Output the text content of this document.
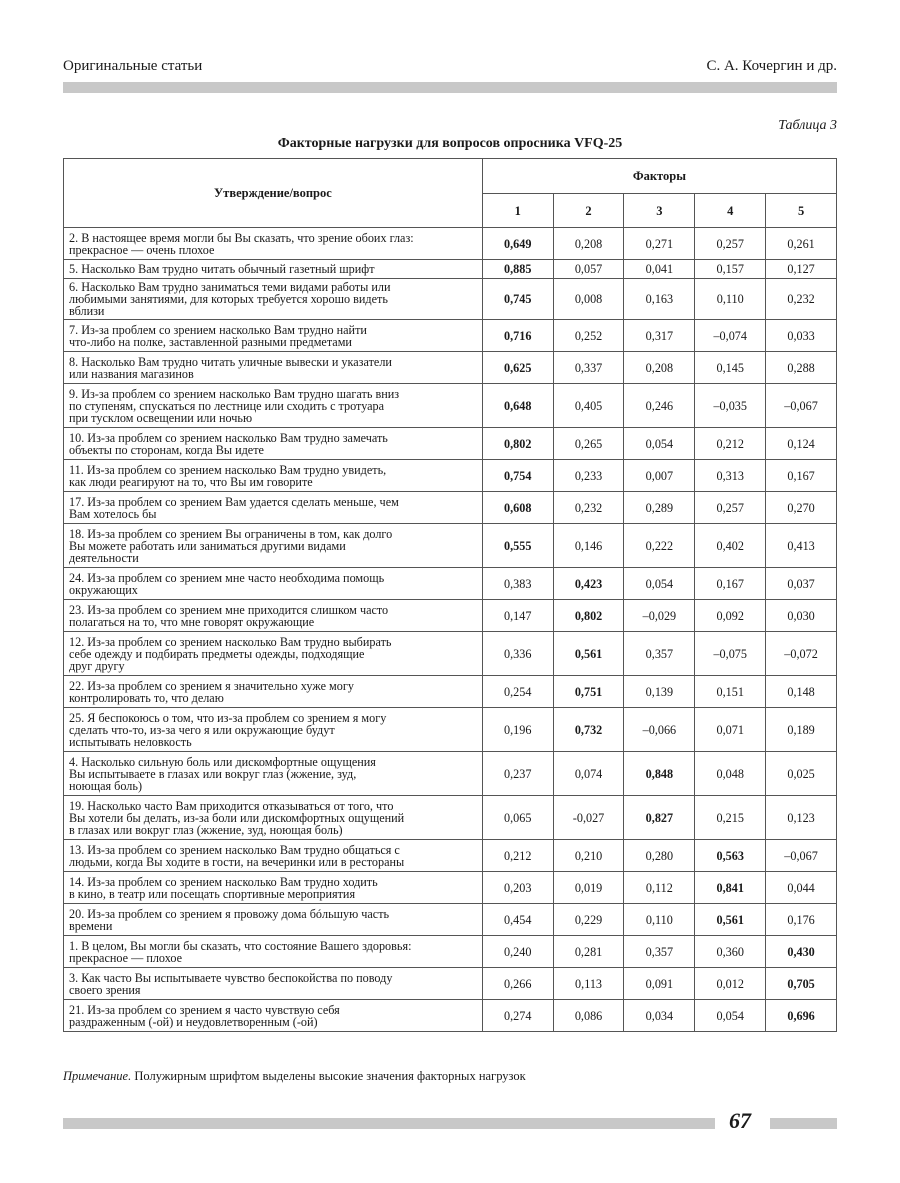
Оригинальные статьи	С. А. Кочергин и др.
Таблица 3
Факторные нагрузки для вопросов опросника VFQ-25
Утверждение/вопрос	Факторы				
	1	2	3	4	5

2. В настоящее время могли бы Вы сказать, что зрение обоих глаз:
прекрасное — очень плохое	0,649	0,208	0,271	0,257	0,261

5. Насколько Вам трудно читать обычный газетный шрифт	0,885	0,057	0,041	0,157	0,127

6. Насколько Вам трудно заниматься теми видами работы или
любимыми занятиями, для которых требуется хорошо видеть
вблизи	0,745	0,008	0,163	0,110	0,232

7. Из-за проблем со зрением насколько Вам трудно найти
что-либо на полке, заставленной разными предметами	0,716	0,252	0,317	–0,074	0,033

8. Насколько Вам трудно читать уличные вывески и указатели
или названия магазинов	0,625	0,337	0,208	0,145	0,288

9. Из-за проблем со зрением насколько Вам трудно шагать вниз
по ступеням, спускаться по лестнице или сходить с тротуара
при тусклом освещении или ночью	0,648	0,405	0,246	–0,035	–0,067

10. Из-за проблем со зрением насколько Вам трудно замечать
объекты по сторонам, когда Вы идете	0,802	0,265	0,054	0,212	0,124

11. Из-за проблем со зрением насколько Вам трудно увидеть,
как люди реагируют на то, что Вы им говорите	0,754	0,233	0,007	0,313	0,167

17. Из-за проблем со зрением Вам удается сделать меньше, чем
Вам хотелось бы	0,608	0,232	0,289	0,257	0,270

18. Из-за проблем со зрением Вы ограничены в том, как долго
Вы можете работать или заниматься другими видами
деятельности	0,555	0,146	0,222	0,402	0,413

24. Из-за проблем со зрением мне часто необходима помощь
окружающих	0,383	0,423	0,054	0,167	0,037

23. Из-за проблем со зрением мне приходится слишком часто
полагаться на то, что мне говорят окружающие	0,147	0,802	–0,029	0,092	0,030

12. Из-за проблем со зрением насколько Вам трудно выбирать
себе одежду и подбирать предметы одежды, подходящие
друг другу	0,336	0,561	0,357	–0,075	–0,072

22. Из-за проблем со зрением я значительно хуже могу
контролировать то, что делаю	0,254	0,751	0,139	0,151	0,148

25. Я беспокоюсь о том, что из-за проблем со зрением я могу
сделать что-то, из-за чего я или окружающие будут
испытывать неловкость	0,196	0,732	–0,066	0,071	0,189

4. Насколько сильную боль или дискомфортные ощущения
Вы испытываете в глазах или вокруг глаз (жжение, зуд,
ноющая боль)	0,237	0,074	0,848	0,048	0,025

19. Насколько часто Вам приходится отказываться от того, что
Вы хотели бы делать, из-за боли или дискомфортных ощущений
в глазах или вокруг глаз (жжение, зуд, ноющая боль)	0,065	-0,027	0,827	0,215	0,123

13. Из-за проблем со зрением насколько Вам трудно общаться с
людьми, когда Вы ходите в гости, на вечеринки или в рестораны	0,212	0,210	0,280	0,563	–0,067

14. Из-за проблем со зрением насколько Вам трудно ходить
в кино, в театр или посещать спортивные мероприятия	0,203	0,019	0,112	0,841	0,044

20. Из-за проблем со зрением я провожу дома бóльшую часть
времени	0,454	0,229	0,110	0,561	0,176

1. В целом, Вы могли бы сказать, что состояние Вашего здоровья:
прекрасное — плохое	0,240	0,281	0,357	0,360	0,430

3. Как часто Вы испытываете чувство беспокойства по поводу
своего зрения	0,266	0,113	0,091	0,012	0,705

21. Из-за проблем со зрением я часто чувствую себя
раздраженным (-ой) и неудовлетворенным (-ой)	0,274	0,086	0,034	0,054	0,696
Примечание. Полужирным шрифтом выделены высокие значения факторных нагрузок
67
